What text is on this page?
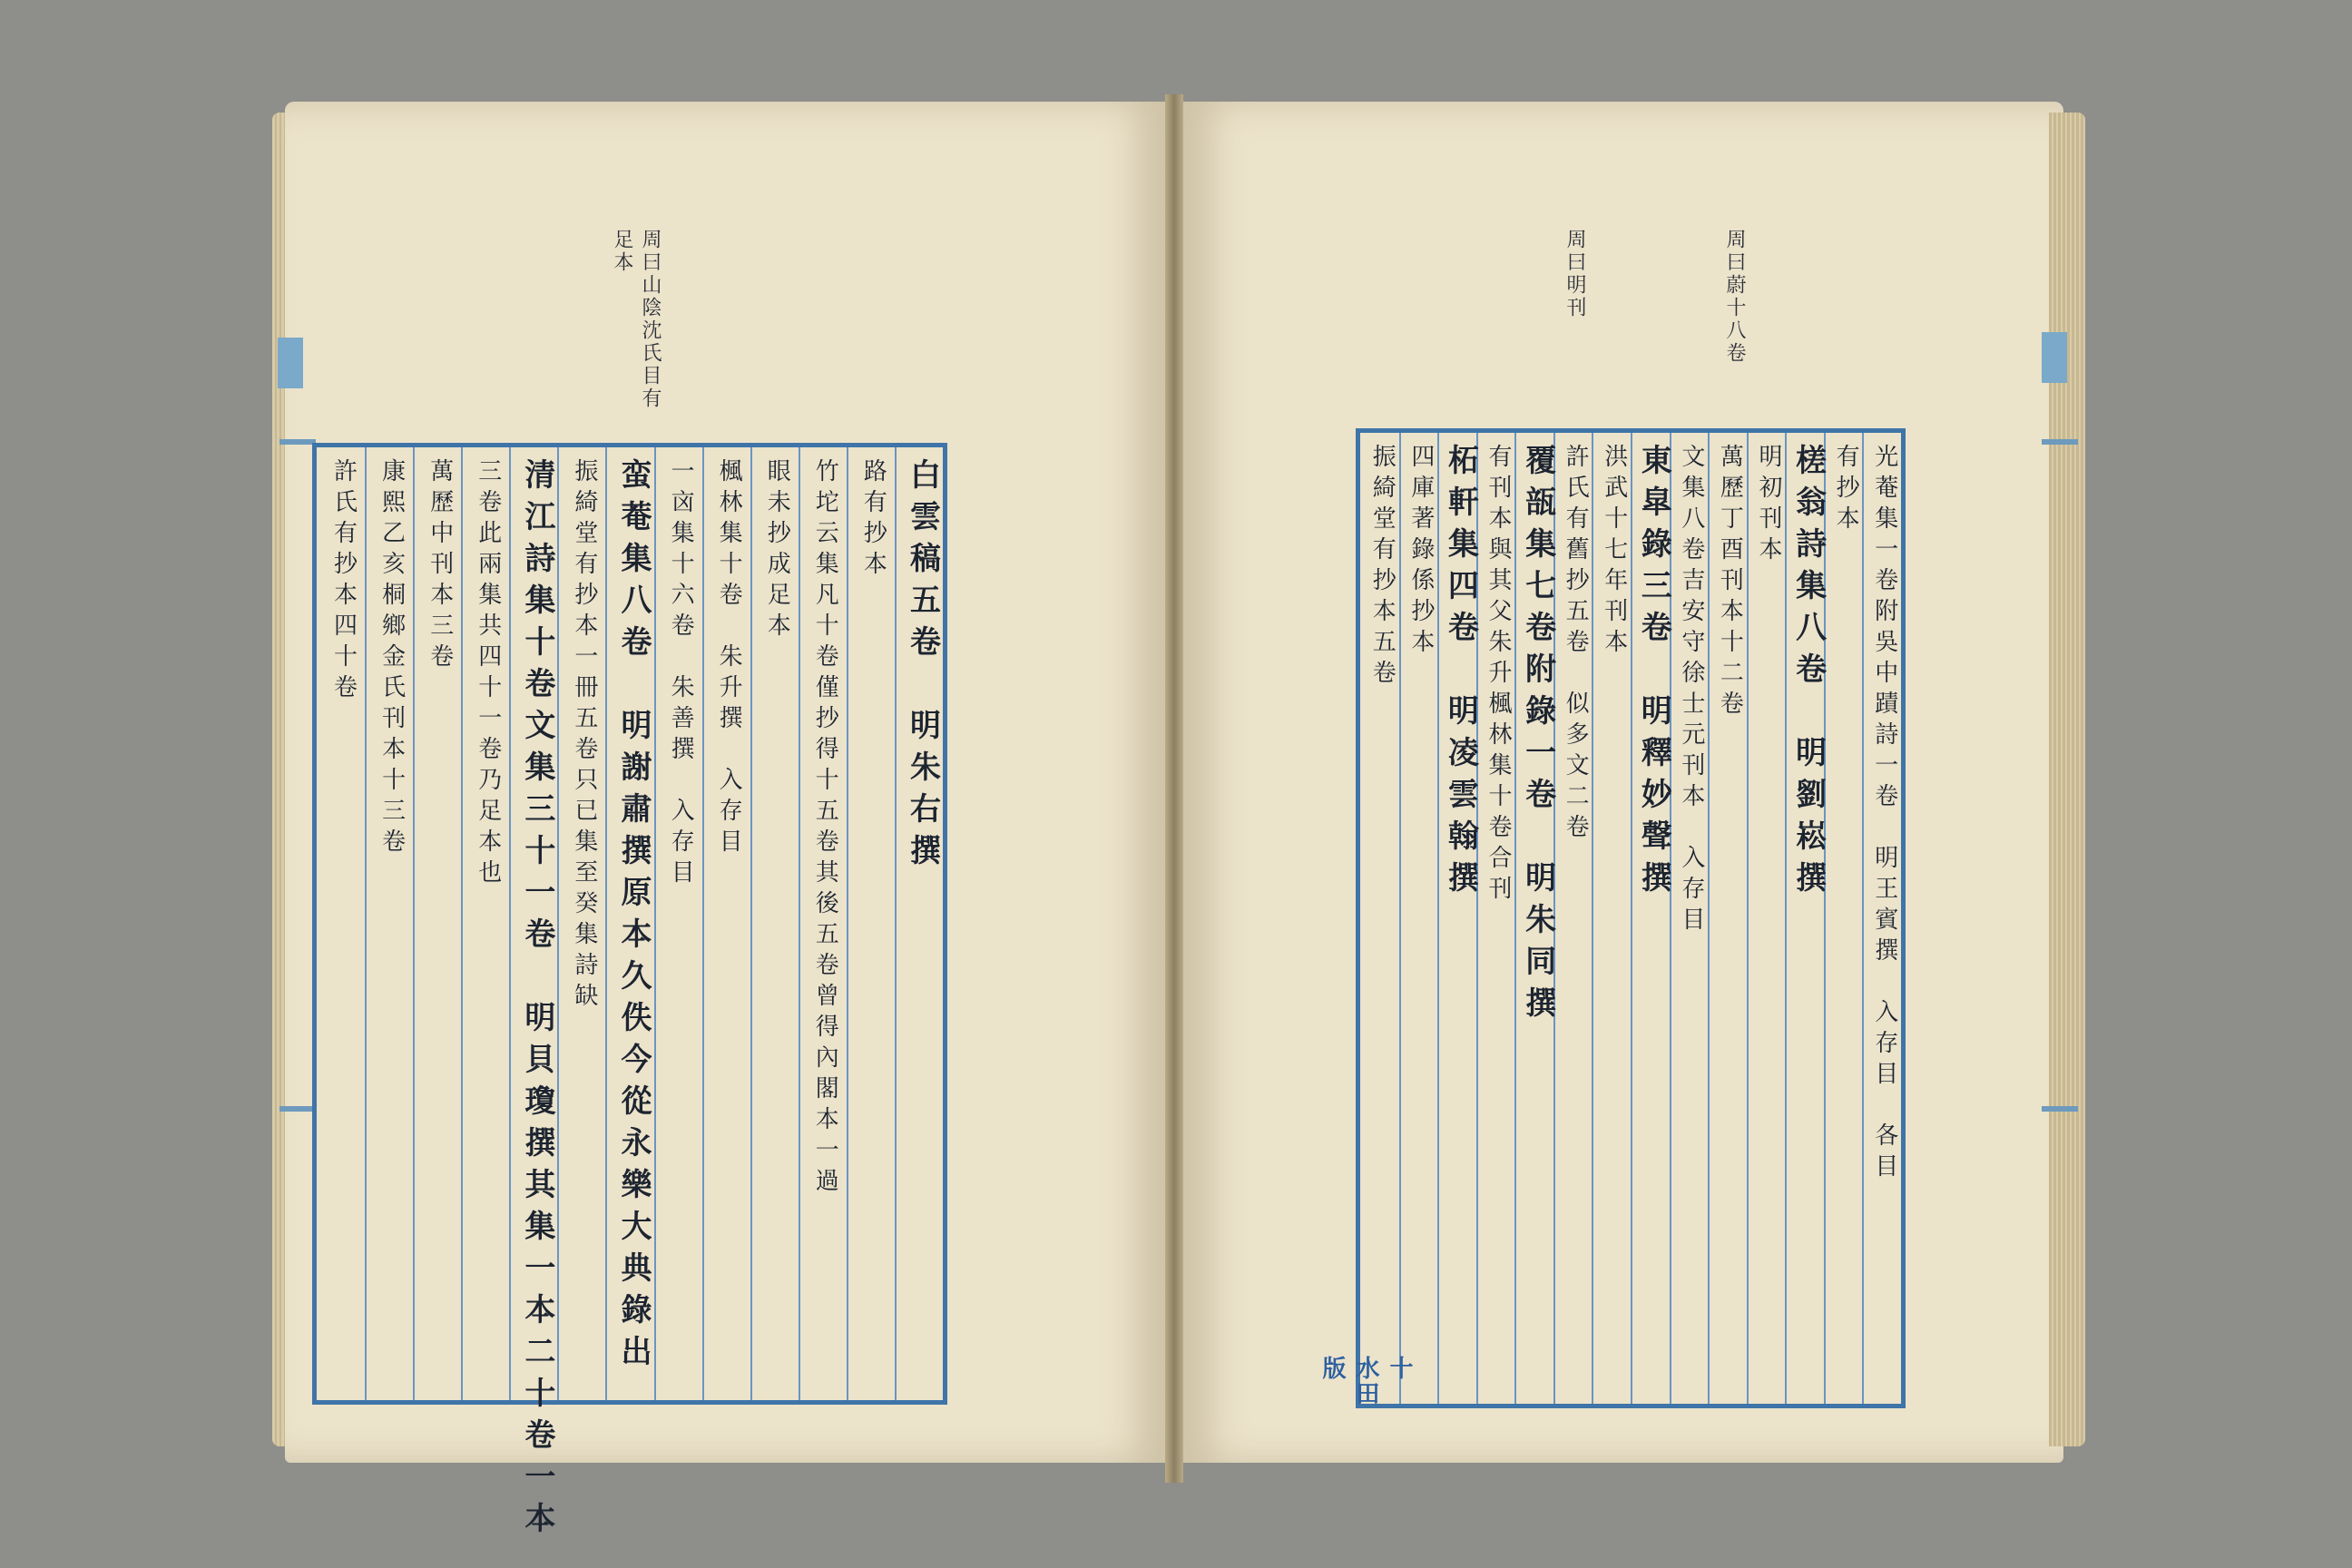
周曰山陰沈氏目有
足本
白雲稿五卷　明朱右撰
路有抄本
竹坨云集凡十卷僅抄得十五卷其後五卷曾得內閣本一過
眼未抄成足本
楓林集十卷　朱升撰　入存目
一㐫集十六卷　朱善撰　入存目
蛮菴集八卷　明謝肅撰原本久佚今從永樂大典錄出
振綺堂有抄本一冊五卷只已集至癸集詩缺
清江詩集十卷文集三十一卷　明貝瓊撰其集一本二十卷一本
三卷此兩集共四十一卷乃足本也
萬歷中刊本三卷
康熙乙亥桐鄉金氏刊本十三卷
許氏有抄本四十卷
周曰蔚十八卷
周曰明刊
光菴集一卷附吳中蹟詩一卷　明王賓撰　入存目　各目
有抄本
槎翁詩集八卷　明劉崧撰
明初刊本
萬歷丁酉刊本十二卷
文集八卷吉安守徐士元刊本　入存目
東皐錄三卷　明釋妙聲撰
洪武十七年刊本
許氏有舊抄五卷　似多文二卷
覆瓿集七卷附錄一卷　明朱同撰
有刊本與其父朱升楓林集十卷合刊
柘軒集四卷　明凌雲翰撰
四庫著錄係抄本
振綺堂有抄本五卷
十
水田
版
